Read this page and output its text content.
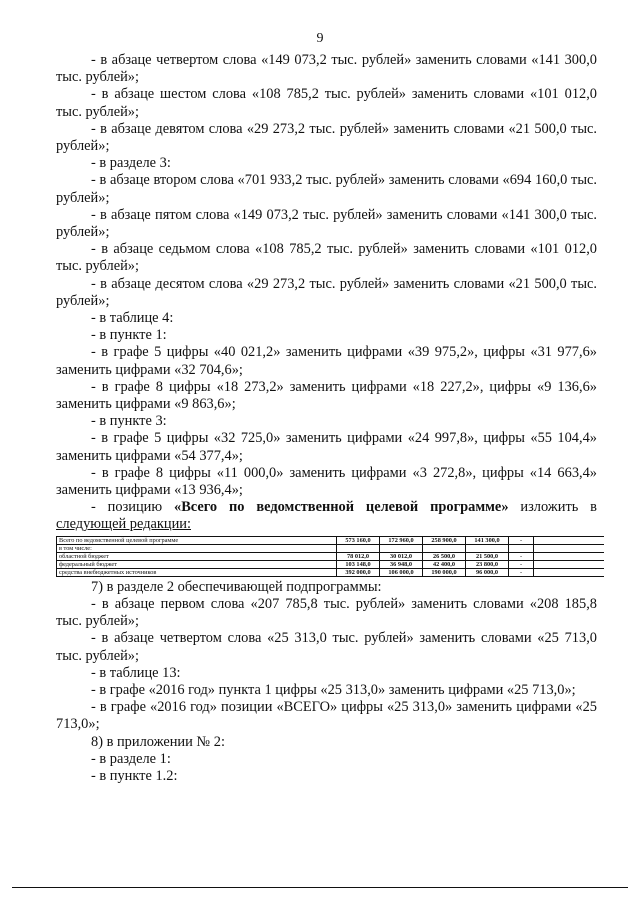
9

- в абзаце четвертом слова «149 073,2 тыс. рублей» заменить словами «141 300,0 тыс. рублей»;

- в абзаце шестом слова «108 785,2 тыс. рублей» заменить словами «101 012,0 тыс. рублей»;

- в абзаце девятом слова «29 273,2 тыс. рублей» заменить словами «21 500,0 тыс. рублей»;

- в разделе 3:

- в абзаце втором слова «701 933,2 тыс. рублей» заменить словами «694 160,0 тыс. рублей»;

- в абзаце пятом слова «149 073,2 тыс. рублей» заменить словами «141 300,0 тыс. рублей»;

- в абзаце седьмом слова «108 785,2 тыс. рублей» заменить словами «101 012,0 тыс. рублей»;

- в абзаце десятом слова «29 273,2 тыс. рублей» заменить словами «21 500,0 тыс. рублей»;

- в таблице 4:

- в пункте 1:

- в графе 5 цифры «40 021,2» заменить цифрами «39 975,2», цифры «31 977,6» заменить цифрами «32 704,6»;

- в графе 8 цифры «18 273,2» заменить цифрами «18 227,2», цифры «9 136,6» заменить цифрами «9 863,6»;

- в пункте 3:

- в графе 5 цифры «32 725,0» заменить цифрами «24 997,8», цифры «55 104,4» заменить цифрами «54 377,4»;

- в графе 8 цифры «11 000,0» заменить цифрами «3 272,8», цифры «14 663,4» заменить цифрами «13 936,4»;

- позицию «Всего по ведомственной целевой программе» изложить в

следующей редакции:

Всего по ведомственной целевой программе	573 160,0	172 960,0	258 900,0	141 300,0	-	
в том числе:						
областной бюджет	78 012,0	30 012,0	26 500,0	21 500,0	-	
федеральный бюджет	103 148,0	36 948,0	42 400,0	23 800,0	-	
средства внебюджетных источников	392 000,0	106 000,0	190 000,0	96 000,0	-	

7) в разделе 2 обеспечивающей подпрограммы:

- в абзаце первом слова «207 785,8 тыс. рублей» заменить словами «208 185,8 тыс. рублей»;

- в абзаце четвертом слова «25 313,0 тыс. рублей» заменить словами «25 713,0 тыс. рублей»;

- в таблице 13:

- в графе «2016 год» пункта 1 цифры «25 313,0» заменить цифрами «25 713,0»;

- в графе «2016 год» позиции «ВСЕГО» цифры «25 313,0» заменить цифрами «25 713,0»;

8) в приложении № 2:

- в разделе 1:

- в пункте 1.2:
